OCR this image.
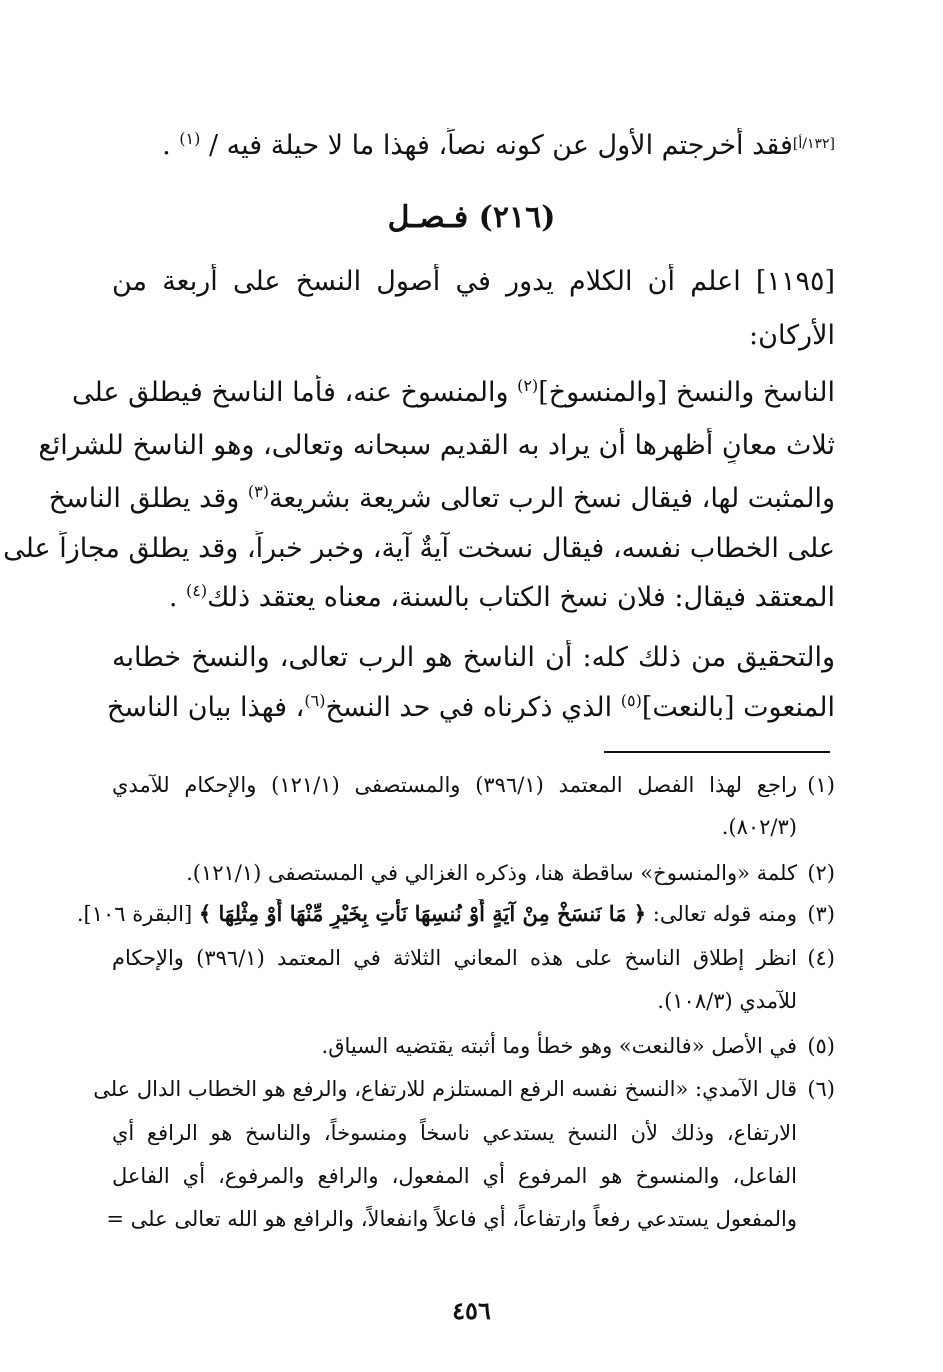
[١٣٢/أ]فقد أخرجتم الأول عن كونه نصاً، فهذا ما لا حيلة فيه / $^{(١)}$ .
(٢١٦) فـصـل
[١١٩٥] اعلم أن الكلام يدور في أصول النسخ على أربعة من
الأركان:
الناسخ والنسخ [والمنسوخ]$^{(٢)}$ والمنسوخ عنه، فأما الناسخ فيطلق على
ثلاث معانٍ أظهرها أن يراد به القديم سبحانه وتعالى، وهو الناسخ للشرائع
والمثبت لها، فيقال نسخ الرب تعالى شريعة بشريعة$^{(٣)}$ وقد يطلق الناسخ
على الخطاب نفسه، فيقال نسخت آيةٌ آية، وخبر خبراً، وقد يطلق مجازاً على
المعتقد فيقال: فلان نسخ الكتاب بالسنة، معناه يعتقد ذلك$^{(٤)}$ .
والتحقيق من ذلك كله: أن الناسخ هو الرب تعالى، والنسخ خطابه
المنعوت [بالنعت]$^{(٥)}$ الذي ذكرناه في حد النسخ$^{(٦)}$، فهذا بيان الناسخ
(١)راجع لهذا الفصل المعتمد (٣٩٦/١) والمستصفى (١٢١/١) والإحكام للآمدي
(٨٠٢/٣).
(٢)كلمة «والمنسوخ» ساقطة هنا، وذكره الغزالي في المستصفى (١٢١/١).
(٣)ومنه قوله تعالى: ﴿ مَا نَنسَخْ مِنْ آيَةٍ أَوْ نُنسِهَا نَأْتِ بِخَيْرٍ مِّنْهَا أَوْ مِثْلِهَا ﴾ [البقرة ١٠٦].
(٤)انظر إطلاق الناسخ على هذه المعاني الثلاثة في المعتمد (٣٩٦/١) والإحكام
للآمدي (١٠٨/٣).
(٥)في الأصل «فالنعت» وهو خطأ وما أثبته يقتضيه السياق.
(٦)قال الآمدي: «النسخ نفسه الرفع المستلزم للارتفاع، والرفع هو الخطاب الدال على
الارتفاع، وذلك لأن النسخ يستدعي ناسخاً ومنسوخاً، والناسخ هو الرافع أي
الفاعل، والمنسوخ هو المرفوع أي المفعول، والرافع والمرفوع، أي الفاعل
والمفعول يستدعي رفعاً وارتفاعاً، أي فاعلاً وانفعالاً، والرافع هو الله تعالى على =
٤٥٦
